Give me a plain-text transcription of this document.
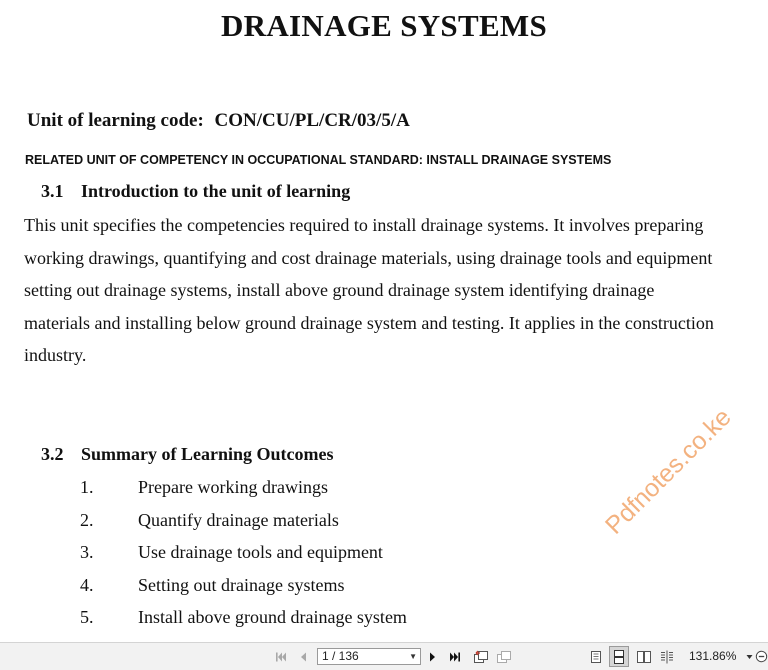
DRAINAGE SYSTEMS
Unit of learning code: CON/CU/PL/CR/03/5/A
RELATED UNIT OF COMPETENCY IN OCCUPATIONAL STANDARD: INSTALL DRAINAGE SYSTEMS
3.1 Introduction to the unit of learning
This unit specifies the competencies required to install drainage systems. It involves preparing
working drawings, quantifying and cost drainage materials, using drainage tools and equipment
setting out drainage systems, install above ground drainage system identifying drainage
materials and installing below ground drainage system and testing. It applies in the construction
industry.
3.2 Summary of Learning Outcomes
1. Prepare working drawings
2. Quantify drainage materials
3. Use drainage tools and equipment
4. Setting out drainage systems
5. Install above ground drainage system
Pdfnotes.co.ke
1 / 136	▼	131.86%
